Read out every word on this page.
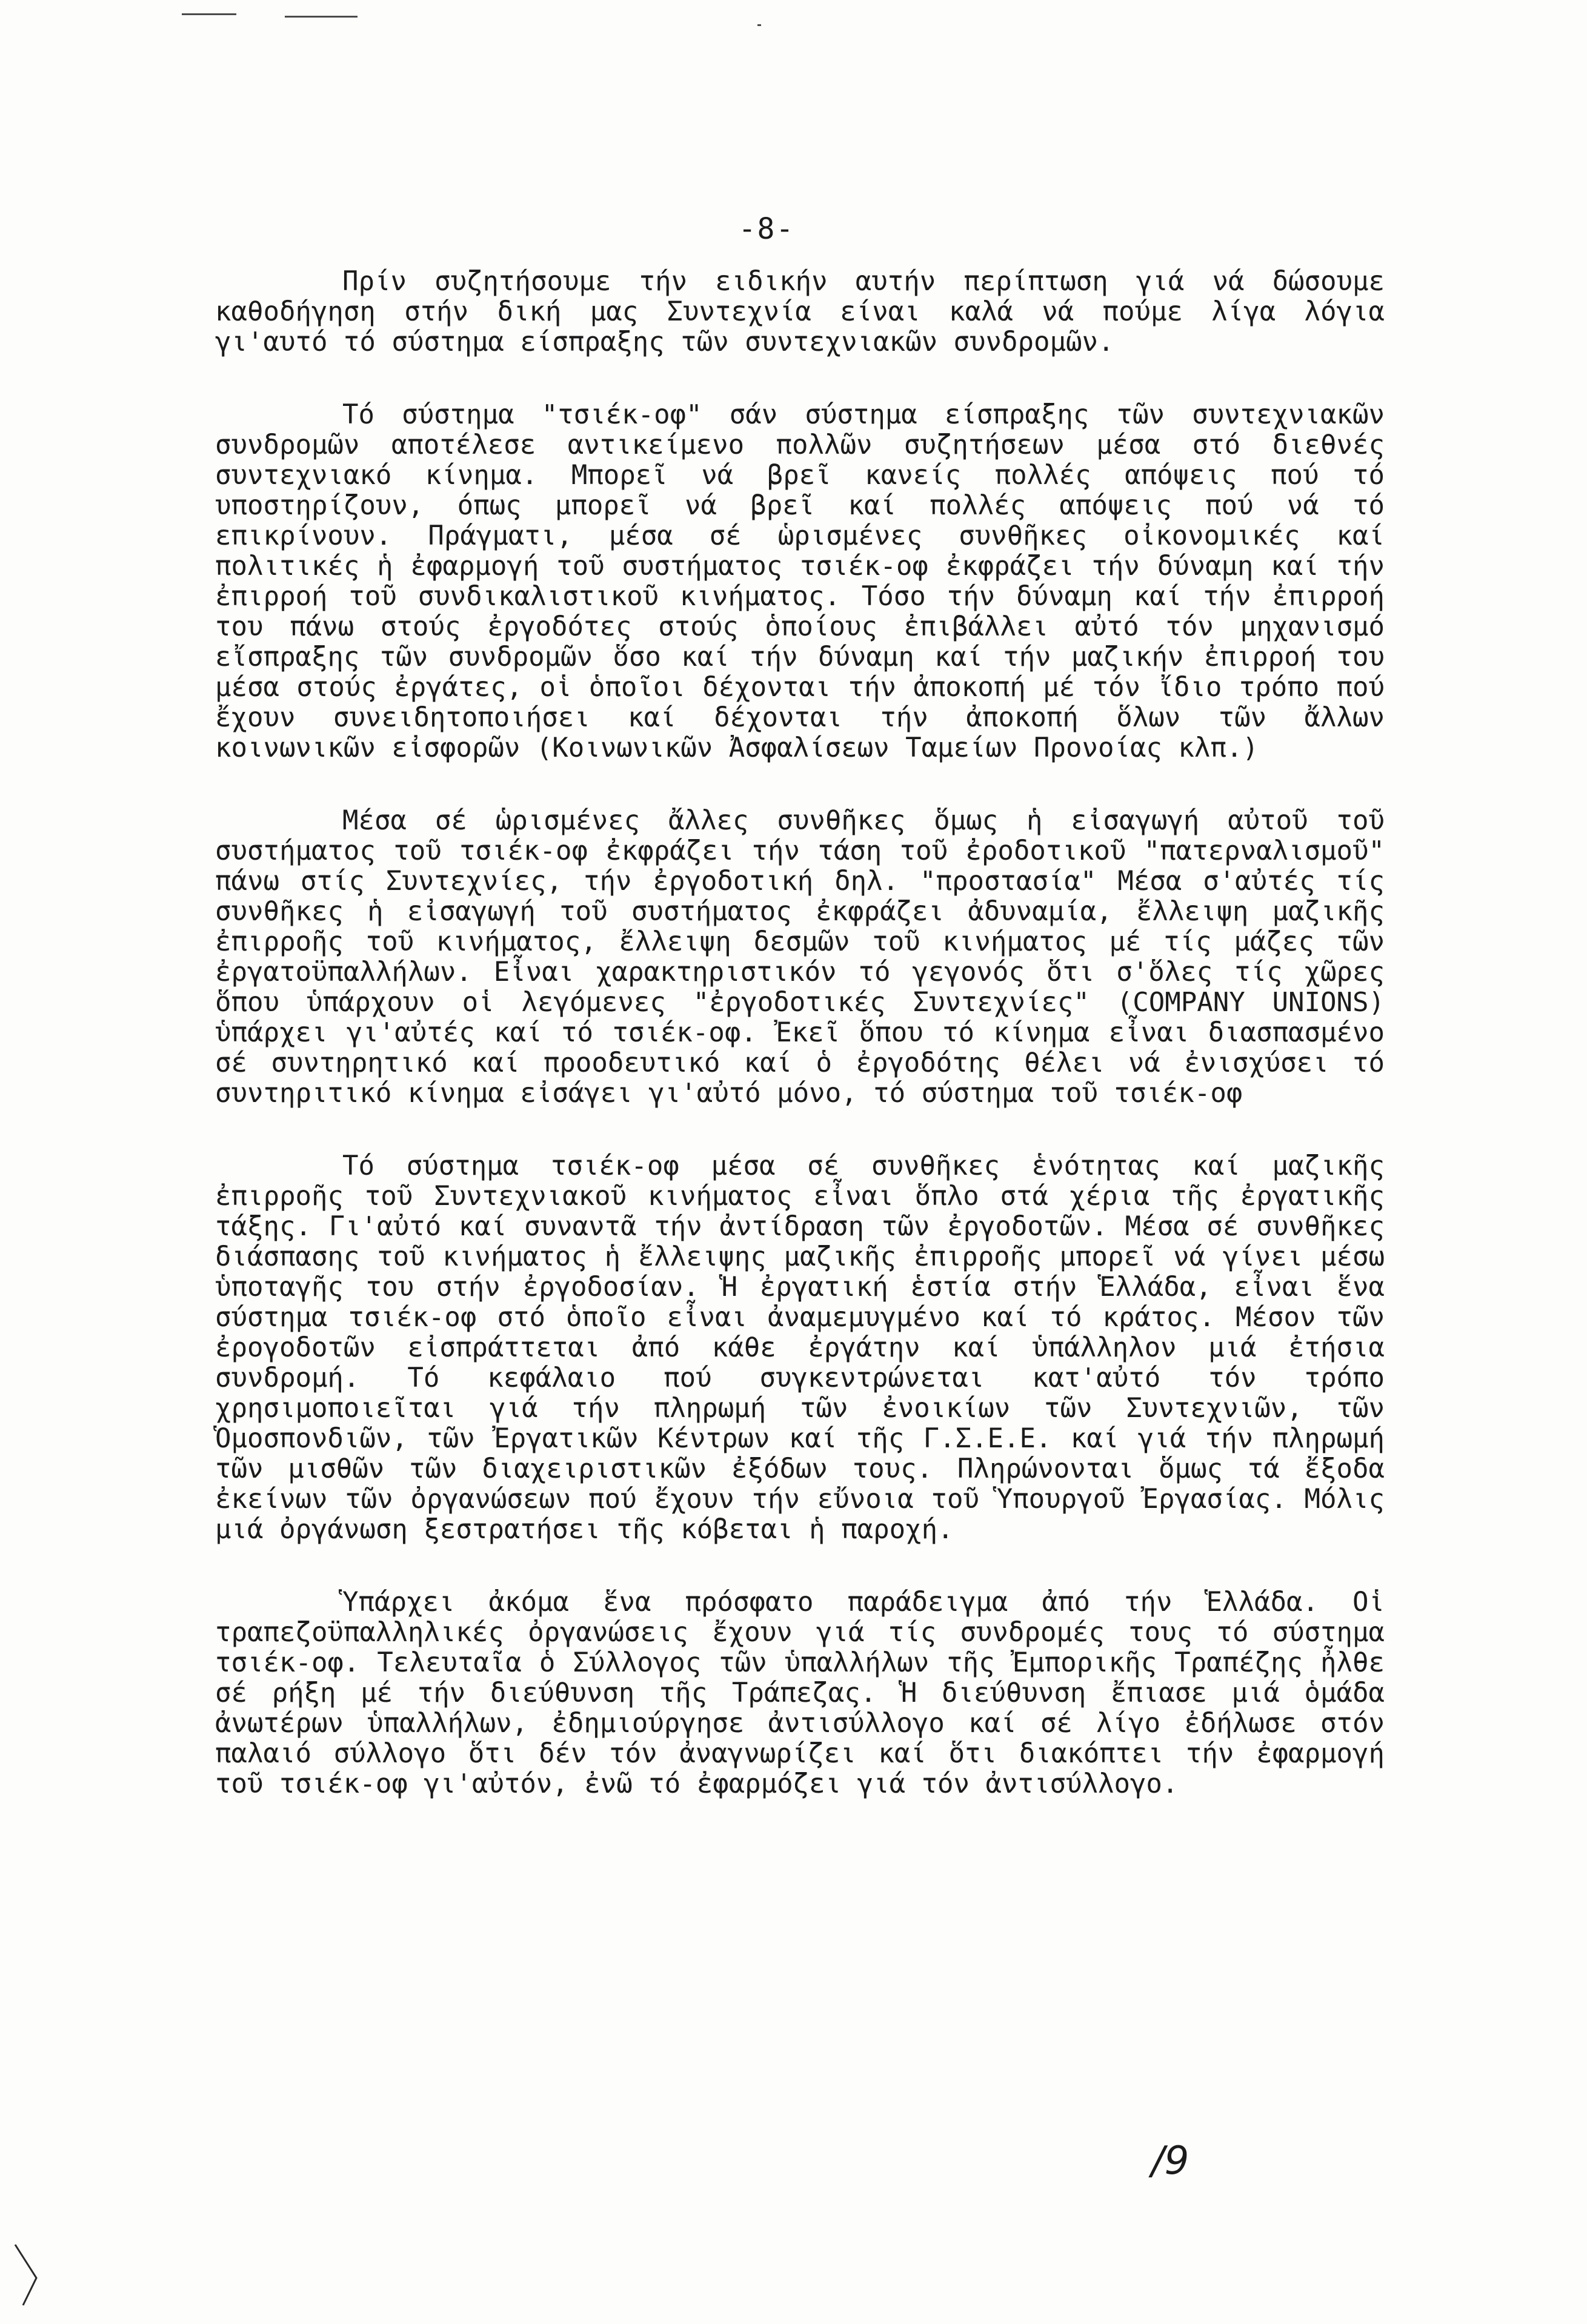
-8-

Πρίν συζητήσουμε τήν ειδικήν αυτήν περίπτωση γιά νά δώσουμε καθοδήγηση στήν δική μας Συντεχνία είναι καλά νά πούμε λίγα λόγια γι'αυτό τό σύστημα είσπραξης τῶν συντεχνιακῶν συνδρομῶν.

Τό σύστημα "τσιέκ-οφ" σάν σύστημα είσπραξης τῶν συντεχνιακῶν συνδρομῶν αποτέλεσε αντικείμενο πολλῶν συζητήσεων μέσα στό διεθνές συντεχνιακό κίνημα. Μπορεῖ νά βρεῖ κανείς πολλές απόψεις πού τό υποστηρίζουν, όπως μπορεῖ νά βρεῖ καί πολλές απόψεις πού νά τό επικρίνουν. Πράγματι, μέσα σέ ὡρισμένες συνθῆκες οἰκονομικές καί πολιτικές ἡ ἐφαρμογή τοῦ συστήματος τσιέκ-οφ ἐκφράζει τήν δύναμη καί τήν ἐπιρροή τοῦ συνδικαλιστικοῦ κινήματος. Τόσο τήν δύναμη καί τήν ἐπιρροή του πάνω στούς ἐργοδότες στούς ὁποίους ἐπιβάλλει αὐτό τόν μηχανισμό εἴσπραξης τῶν συνδρομῶν ὅσο καί τήν δύναμη καί τήν μαζικήν ἐπιρροή του μέσα στούς ἐργάτες, οἱ ὁποῖοι δέχονται τήν ἀποκοπή μέ τόν ἴδιο τρόπο πού ἔχουν συνειδητοποιήσει καί δέχονται τήν ἀποκοπή ὅλων τῶν ἄλλων κοινωνικῶν εἰσφορῶν (Κοινωνικῶν Ἀσφαλίσεων Ταμείων Προνοίας κλπ.)

Μέσα σέ ὡρισμένες ἄλλες συνθῆκες ὅμως ἡ εἰσαγωγή αὐτοῦ τοῦ συστήματος τοῦ τσιέκ-οφ ἐκφράζει τήν τάση τοῦ ἐροδοτικοῦ "πατερναλισμοῦ" πάνω στίς Συντεχνίες, τήν ἐργοδοτική δηλ. "προστασία" Μέσα σ'αὐτές τίς συνθῆκες ἡ εἰσαγωγή τοῦ συστήματος ἐκφράζει ἀδυναμία, ἔλλειψη μαζικῆς ἐπιρροῆς τοῦ κινήματος, ἔλλειψη δεσμῶν τοῦ κινήματος μέ τίς μάζες τῶν ἐργατοϋπαλλήλων. Εἶναι χαρακτηριστικόν τό γεγονός ὅτι σ'ὅλες τίς χῶρες ὅπου ὑπάρχουν οἱ λεγόμενες "ἐργοδοτικές Συντεχνίες" (COMPANY UNIONS) ὑπάρχει γι'αὐτές καί τό τσιέκ-οφ. Ἐκεῖ ὅπου τό κίνημα εἶναι διασπασμένο σέ συντηρητικό καί προοδευτικό καί ὁ ἐργοδότης θέλει νά ἐνισχύσει τό συντηριτικό κίνημα εἰσάγει γι'αὐτό μόνο, τό σύστημα τοῦ τσιέκ-οφ

Τό σύστημα τσιέκ-οφ μέσα σέ συνθῆκες ἑνότητας καί μαζικῆς ἐπιρροῆς τοῦ Συντεχνιακοῦ κινήματος εἶναι ὅπλο στά χέρια τῆς ἐργατικῆς τάξης. Γι'αὐτό καί συναντᾶ τήν ἀντίδραση τῶν ἐργοδοτῶν. Μέσα σέ συνθῆκες διάσπασης τοῦ κινήματος ἡ ἔλλειψης μαζικῆς ἐπιρροῆς μπορεῖ νά γίνει μέσω ὑποταγῆς του στήν ἐργοδοσίαν. Ἡ ἐργατική ἑστία στήν Ἑλλάδα, εἶναι ἕνα σύστημα τσιέκ-οφ στό ὁποῖο εἶναι ἀναμεμυγμένο καί τό κράτος. Μέσον τῶν ἐρογοδοτῶν εἰσπράττεται ἀπό κάθε ἐργάτην καί ὑπάλληλον μιά ἐτήσια συνδρομή. Τό κεφάλαιο πού συγκεντρώνεται κατ'αὐτό τόν τρόπο χρησιμοποιεῖται γιά τήν πληρωμή τῶν ἐνοικίων τῶν Συντεχνιῶν, τῶν Ὁμοσπονδιῶν, τῶν Ἐργατικῶν Κέντρων καί τῆς Γ.Σ.Ε.Ε. καί γιά τήν πληρωμή τῶν μισθῶν τῶν διαχειριστικῶν ἐξόδων τους. Πληρώνονται ὅμως τά ἔξοδα ἐκείνων τῶν ὀργανώσεων πού ἔχουν τήν εὔνοια τοῦ Ὑπουργοῦ Ἐργασίας. Μόλις μιά ὀργάνωση ξεστρατήσει τῆς κόβεται ἡ παροχή.

Ὑπάρχει ἀκόμα ἕνα πρόσφατο παράδειγμα ἀπό τήν Ἑλλάδα. Οἱ τραπεζοϋπαλληλικές ὀργανώσεις ἔχουν γιά τίς συνδρομές τους τό σύστημα τσιέκ-οφ. Τελευταῖα ὁ Σύλλογος τῶν ὑπαλλήλων τῆς Ἐμπορικῆς Τραπέζης ἦλθε σέ ρήξη μέ τήν διεύθυνση τῆς Τράπεζας. Ἡ διεύθυνση ἔπιασε μιά ὁμάδα ἀνωτέρων ὑπαλλήλων, ἐδημιούργησε ἀντισύλλογο καί σέ λίγο ἐδήλωσε στόν παλαιό σύλλογο ὅτι δέν τόν ἀναγνωρίζει καί ὅτι διακόπτει τήν ἐφαρμογή τοῦ τσιέκ-οφ γι'αὐτόν, ἐνῶ τό ἐφαρμόζει γιά τόν ἀντισύλλογο.

/9
